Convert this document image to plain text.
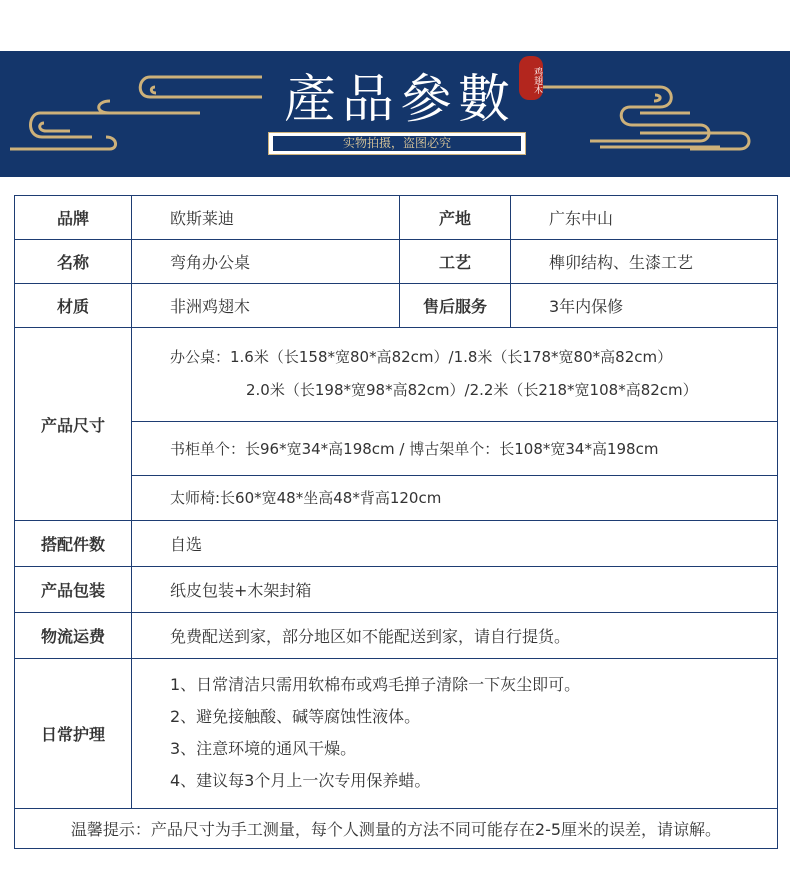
產品參數	鸡翅木
实物拍摄，盗图必究
品牌	欧斯莱迪	产地	广东中山
名称	弯角办公桌	工艺	榫卯结构、生漆工艺
材质	非洲鸡翅木	售后服务	3年内保修
产品尺寸	办公桌：1.6米（长158*宽80*高82cm）/1.8米（长178*宽80*高82cm）
2.0米（长198*宽98*高82cm）/2.2米（长218*宽108*高82cm）
书柜单个：长96*宽34*高198cm / 博古架单个：长108*宽34*高198cm
太师椅:长60*宽48*坐高48*背高120cm		

搭配件数	自选		
产品包装	纸皮包装+木架封箱		
物流运费	免费配送到家，部分地区如不能配送到家，请自行提货。		
日常护理	1、日常清洁只需用软棉布或鸡毛掸子清除一下灰尘即可。
2、避免接触酸、碱等腐蚀性液体。
3、注意环境的通风干燥。
4、建议每3个月上一次专用保养蜡。		

温馨提示：产品尺寸为手工测量，每个人测量的方法不同可能存在2-5厘米的误差，请谅解。			
